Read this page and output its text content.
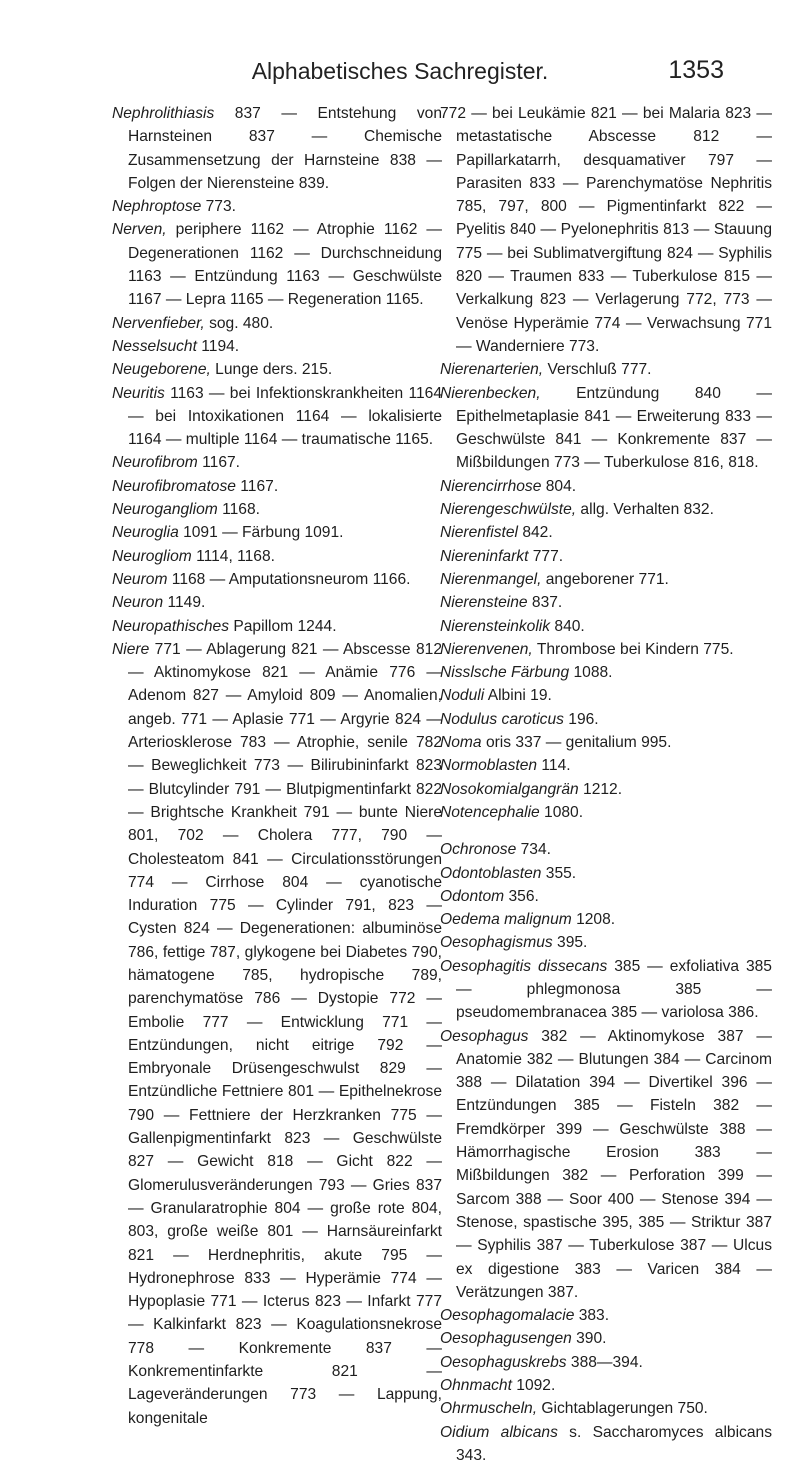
Alphabetisches Sachregister.	1353

Nephrolithiasis 837 — Entstehung von Harnsteinen 837 — Chemische Zusammensetzung der Harnsteine 838 — Folgen der Nierensteine 839.

Nephroptose 773.

Nerven, periphere 1162 — Atrophie 1162 — Degenerationen 1162 — Durchschneidung 1163 — Entzündung 1163 — Geschwülste 1167 — Lepra 1165 — Regeneration 1165.

Nervenfieber, sog. 480.

Nesselsucht 1194.

Neugeborene, Lunge ders. 215.

Neuritis 1163 — bei Infektionskrankheiten 1164 — bei Intoxikationen 1164 — lokalisierte 1164 — multiple 1164 — traumatische 1165.

Neurofibrom 1167.

Neurofibromatose 1167.

Neurogangliom 1168.

Neuroglia 1091 — Färbung 1091.

Neurogliom 1114, 1168.

Neurom 1168 — Amputationsneurom 1166.

Neuron 1149.

Neuropathisches Papillom 1244.

Niere 771 — Ablagerung 821 — Abscesse 812 — Aktinomykose 821 — Anämie 776 — Adenom 827 — Amyloid 809 — Anomalien, angeb. 771 — Aplasie 771 — Argyrie 824 — Arteriosklerose 783 — Atrophie, senile 782 — Beweglichkeit 773 — Bilirubininfarkt 823 — Blutcylinder 791 — Blutpigmentinfarkt 822 — Brightsche Krankheit 791 — bunte Niere 801, 702 — Cholera 777, 790 — Cholesteatom 841 — Circulationsstörungen 774 — Cirrhose 804 — cyanotische Induration 775 — Cylinder 791, 823 — Cysten 824 — Degenerationen: albuminöse 786, fettige 787, glykogene bei Diabetes 790, hämatogene 785, hydropische 789, parenchymatöse 786 — Dystopie 772 — Embolie 777 — Entwicklung 771 — Entzündungen, nicht eitrige 792 — Embryonale Drüsengeschwulst 829 — Entzündliche Fettniere 801 — Epithelnekrose 790 — Fettniere der Herzkranken 775 — Gallenpigmentinfarkt 823 — Geschwülste 827 — Gewicht 818 — Gicht 822 — Glomerulusveränderungen 793 — Gries 837 — Granularatrophie 804 — große rote 804, 803, große weiße 801 — Harnsäureinfarkt 821 — Herdnephritis, akute 795 — Hydronephrose 833 — Hyperämie 774 — Hypoplasie 771 — Icterus 823 — Infarkt 777 — Kalkinfarkt 823 — Koagulationsnekrose 778 — Konkremente 837 — Konkrementinfarkte 821 — Lageveränderungen 773 — Lappung, kongenitale

772 — bei Leukämie 821 — bei Malaria 823 — metastatische Abscesse 812 — Papillarkatarrh, desquamativer 797 — Parasiten 833 — Parenchymatöse Nephritis 785, 797, 800 — Pigmentinfarkt 822 — Pyelitis 840 — Pyelonephritis 813 — Stauung 775 — bei Sublimatvergiftung 824 — Syphilis 820 — Traumen 833 — Tuberkulose 815 — Verkalkung 823 — Verlagerung 772, 773 — Venöse Hyperämie 774 — Verwachsung 771 — Wanderniere 773.

Nierenarterien, Verschluß 777.

Nierenbecken, Entzündung 840 — Epithelmetaplasie 841 — Erweiterung 833 — Geschwülste 841 — Konkremente 837 — Mißbildungen 773 — Tuberkulose 816, 818.

Nierencirrhose 804.

Nierengeschwülste, allg. Verhalten 832.

Nierenfistel 842.

Niereninfarkt 777.

Nierenmangel, angeborener 771.

Nierensteine 837.

Nierensteinkolik 840.

Nierenvenen, Thrombose bei Kindern 775.

Nisslsche Färbung 1088.

Noduli Albini 19.

Nodulus caroticus 196.

Noma oris 337 — genitalium 995.

Normoblasten 114.

Nosokomialgangrän 1212.

Notencephalie 1080.

Ochronose 734.

Odontoblasten 355.

Odontom 356.

Oedema malignum 1208.

Oesophagismus 395.

Oesophagitis dissecans 385 — exfoliativa 385 — phlegmonosa 385 — pseudomembranacea 385 — variolosa 386.

Oesophagus 382 — Aktinomykose 387 — Anatomie 382 — Blutungen 384 — Carcinom 388 — Dilatation 394 — Divertikel 396 — Entzündungen 385 — Fisteln 382 — Fremdkörper 399 — Geschwülste 388 — Hämorrhagische Erosion 383 — Mißbildungen 382 — Perforation 399 — Sarcom 388 — Soor 400 — Stenose 394 — Stenose, spastische 395, 385 — Striktur 387 — Syphilis 387 — Tuberkulose 387 — Ulcus ex digestione 383 — Varicen 384 — Verätzungen 387.

Oesophagomalacie 383.

Oesophagusengen 390.

Oesophaguskrebs 388—394.

Ohnmacht 1092.

Ohrmuscheln, Gichtablagerungen 750.

Oidium albicans s. Saccharomyces albicans 343.
